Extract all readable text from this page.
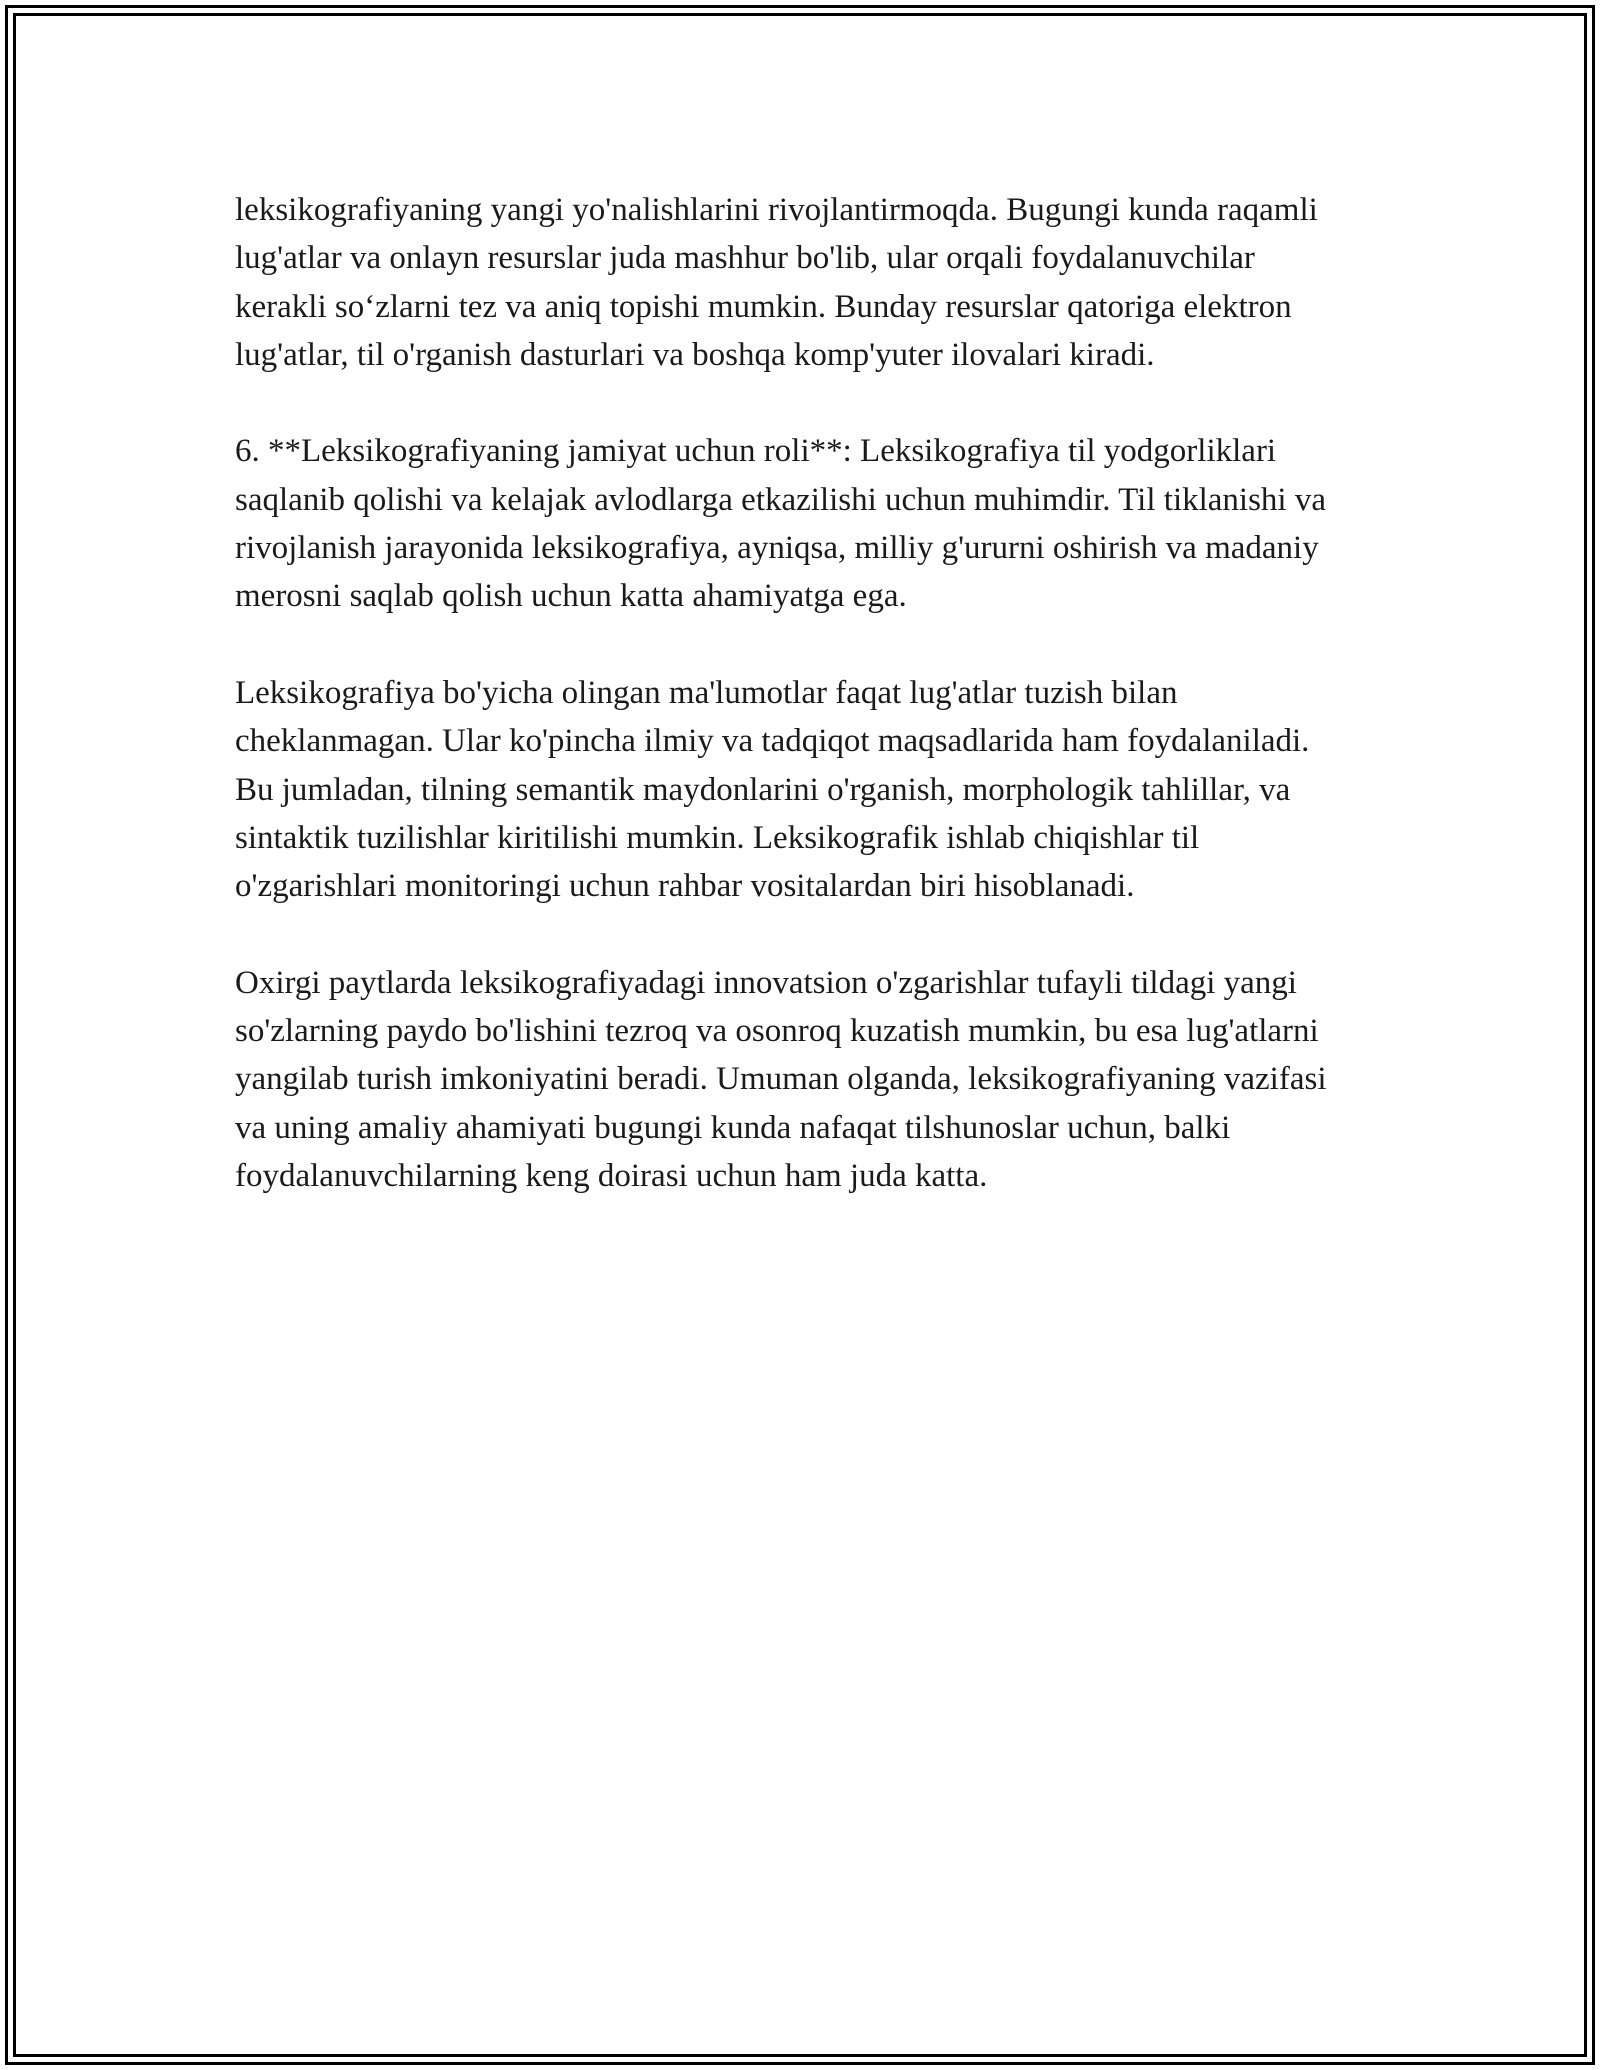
leksikografiyaning yangi yo'nalishlarini rivojlantirmoqda. Bugungi kunda raqamli lug'atlar va onlayn resurslar juda mashhur bo'lib, ular orqali foydalanuvchilar kerakli so‘zlarni tez va aniq topishi mumkin. Bunday resurslar qatoriga elektron lug'atlar, til o'rganish dasturlari va boshqa komp'yuter ilovalari kiradi.

6. **Leksikografiyaning jamiyat uchun roli**: Leksikografiya til yodgorliklari saqlanib qolishi va kelajak avlodlarga etkazilishi uchun muhimdir. Til tiklanishi va rivojlanish jarayonida leksikografiya, ayniqsa, milliy g'ururni oshirish va madaniy merosni saqlab qolish uchun katta ahamiyatga ega.

Leksikografiya bo'yicha olingan ma'lumotlar faqat lug'atlar tuzish bilan cheklanmagan. Ular ko'pincha ilmiy va tadqiqot maqsadlarida ham foydalaniladi. Bu jumladan, tilning semantik maydonlarini o'rganish, morphologik tahlillar, va sintaktik tuzilishlar kiritilishi mumkin. Leksikografik ishlab chiqishlar til o'zgarishlari monitoringi uchun rahbar vositalardan biri hisoblanadi.

Oxirgi paytlarda leksikografiyadagi innovatsion o'zgarishlar tufayli tildagi yangi so'zlarning paydo bo'lishini tezroq va osonroq kuzatish mumkin, bu esa lug'atlarni yangilab turish imkoniyatini beradi. Umuman olganda, leksikografiyaning vazifasi va uning amaliy ahamiyati bugungi kunda nafaqat tilshunoslar uchun, balki foydalanuvchilarning keng doirasi uchun ham juda katta.
